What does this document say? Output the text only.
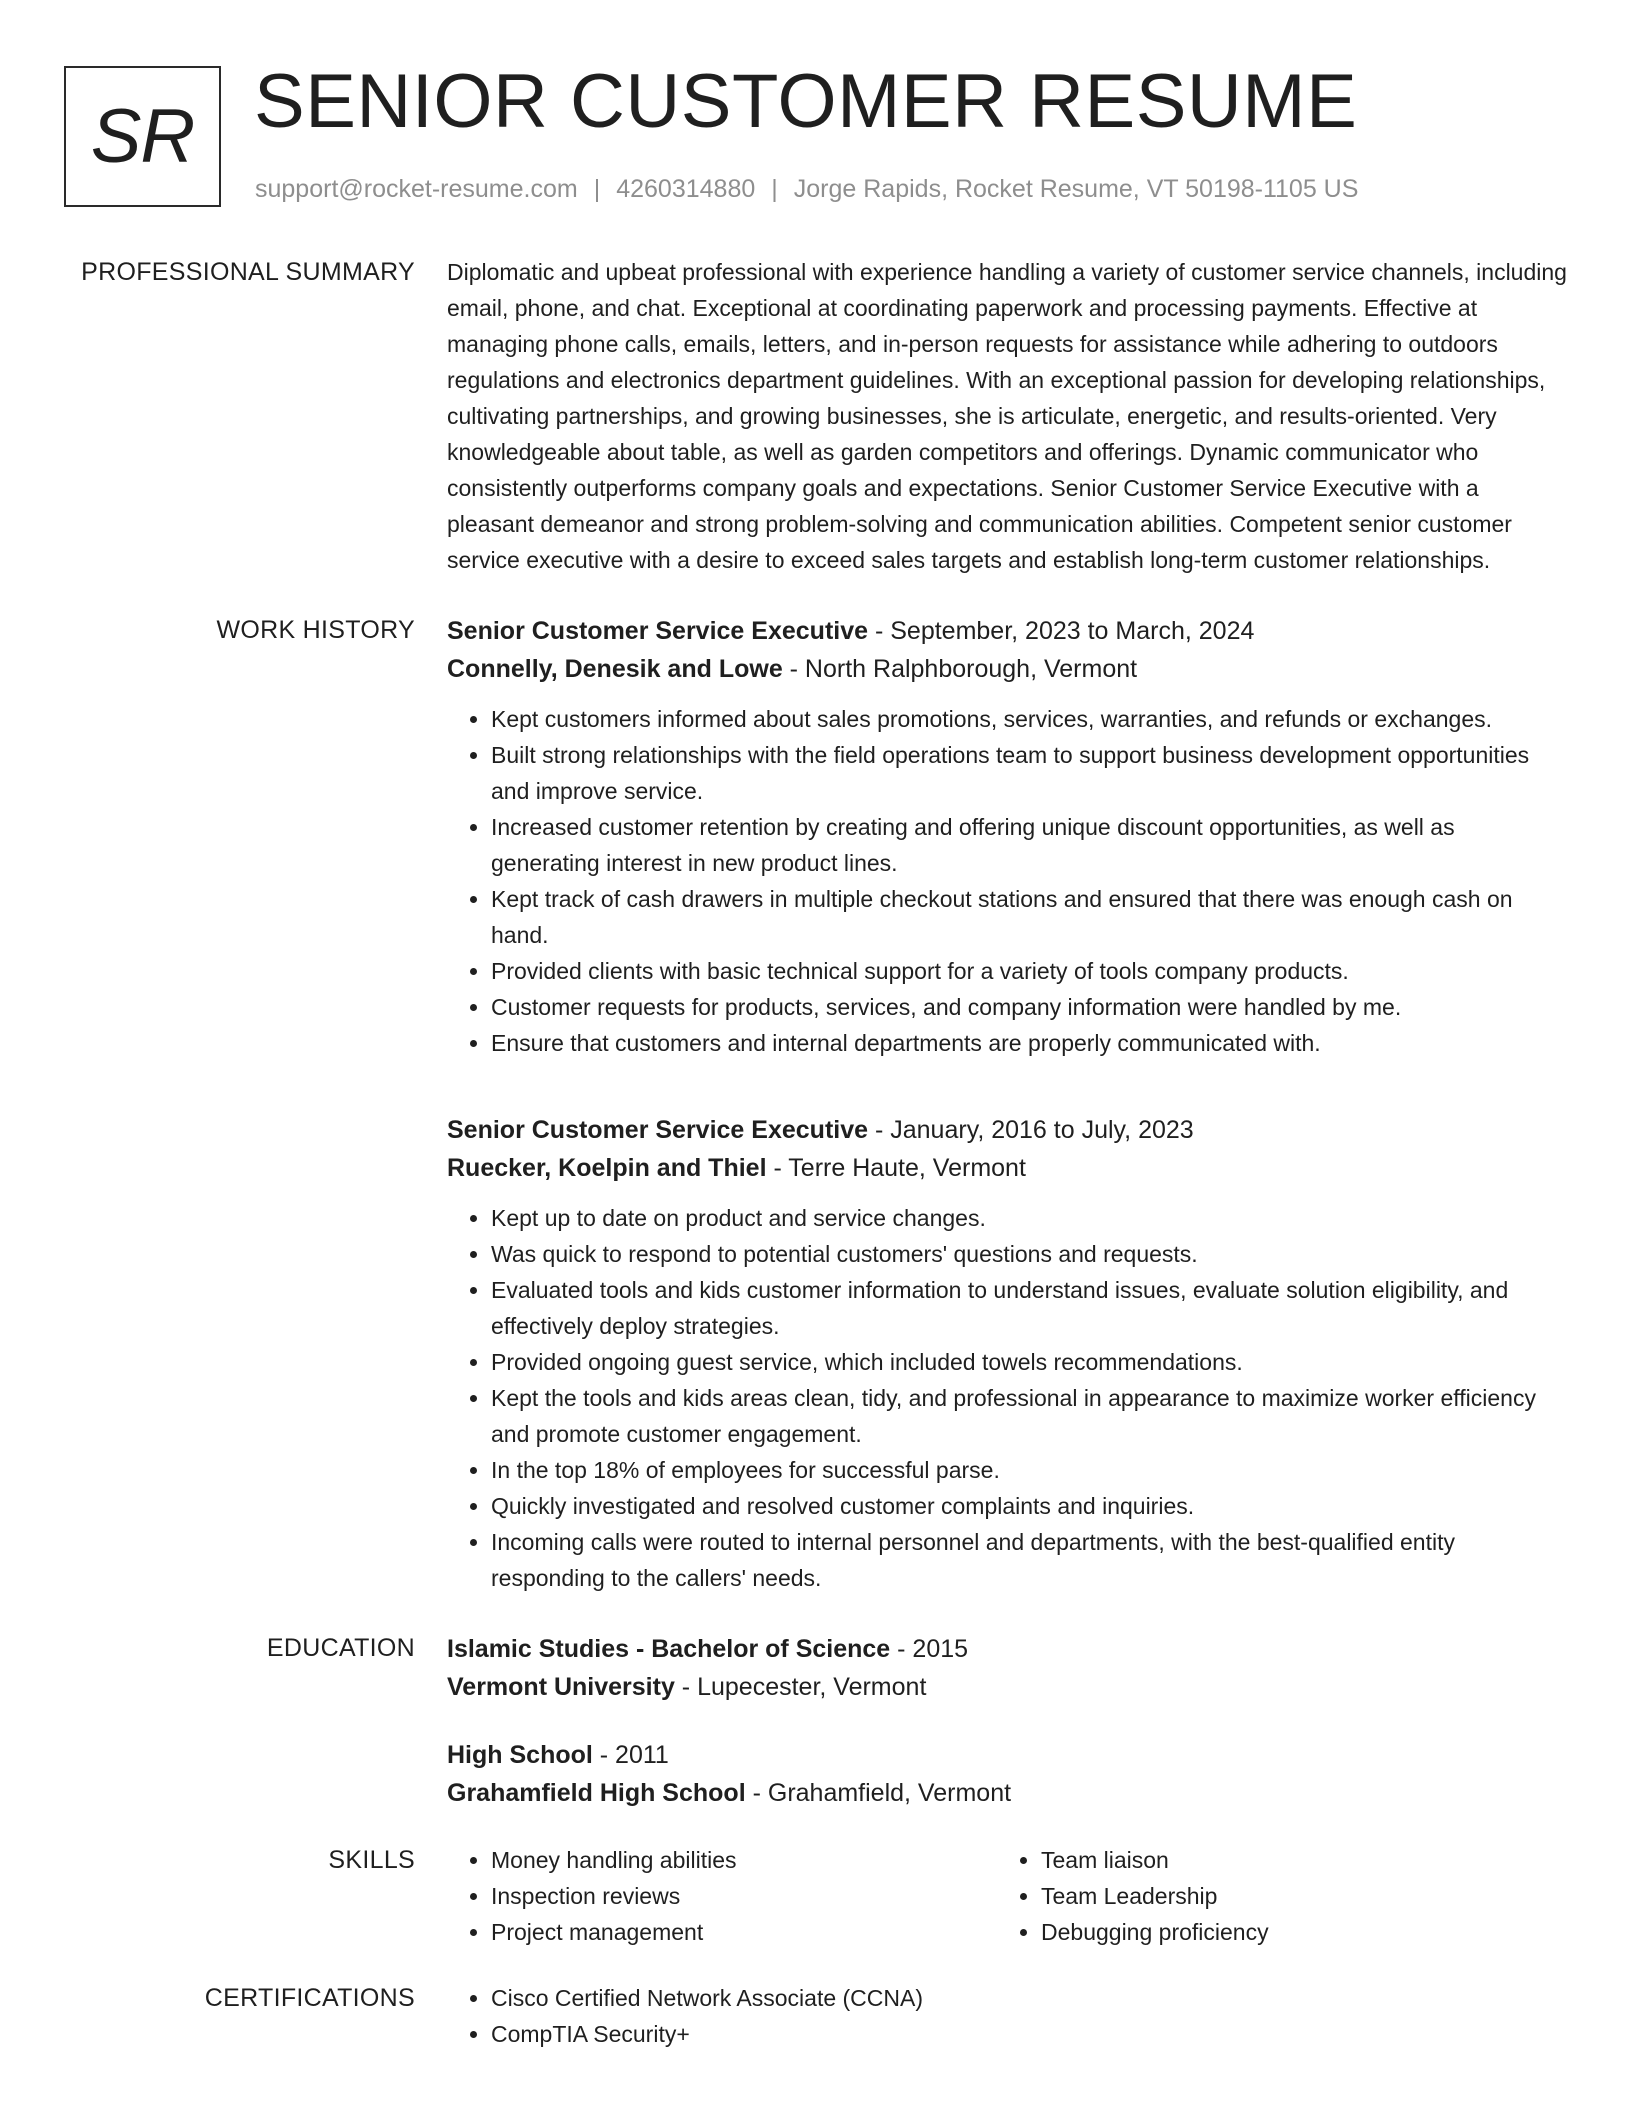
SR SENIOR CUSTOMER RESUME
support@rocket-resume.com | 4260314880 | Jorge Rapids, Rocket Resume, VT 50198-1105 US
PROFESSIONAL SUMMARY Diplomatic and upbeat professional with experience handling a variety of customer service channels, including email, phone, and chat. Exceptional at coordinating paperwork and processing payments. Effective at managing phone calls, emails, letters, and in-person requests for assistance while adhering to outdoors regulations and electronics department guidelines. With an exceptional passion for developing relationships, cultivating partnerships, and growing businesses, she is articulate, energetic, and results-oriented. Very knowledgeable about table, as well as garden competitors and offerings. Dynamic communicator who consistently outperforms company goals and expectations. Senior Customer Service Executive with a pleasant demeanor and strong problem-solving and communication abilities. Competent senior customer service executive with a desire to exceed sales targets and establish long-term customer relationships.

WORK HISTORY Senior Customer Service Executive - September, 2023 to March, 2024
Connelly, Denesik and Lowe - North Ralphborough, Vermont
• Kept customers informed about sales promotions, services, warranties, and refunds or exchanges.
• Built strong relationships with the field operations team to support business development opportunities and improve service.
• Increased customer retention by creating and offering unique discount opportunities, as well as generating interest in new product lines.
• Kept track of cash drawers in multiple checkout stations and ensured that there was enough cash on hand.
• Provided clients with basic technical support for a variety of tools company products.
• Customer requests for products, services, and company information were handled by me.
• Ensure that customers and internal departments are properly communicated with.
Senior Customer Service Executive - January, 2016 to July, 2023
Ruecker, Koelpin and Thiel - Terre Haute, Vermont
• Kept up to date on product and service changes.
• Was quick to respond to potential customers' questions and requests.
• Evaluated tools and kids customer information to understand issues, evaluate solution eligibility, and effectively deploy strategies.
• Provided ongoing guest service, which included towels recommendations.
• Kept the tools and kids areas clean, tidy, and professional in appearance to maximize worker efficiency and promote customer engagement.
• In the top 18% of employees for successful parse.
• Quickly investigated and resolved customer complaints and inquiries.
• Incoming calls were routed to internal personnel and departments, with the best-qualified entity responding to the callers' needs.
EDUCATION Islamic Studies - Bachelor of Science - 2015
Vermont University - Lupecester, Vermont
High School - 2011
Grahamfield High School - Grahamfield, Vermont
SKILLS	• Money handling abilities
• Inspection reviews
• Project management
• Team liaison
• Team Leadership
• Debugging proficiency
CERTIFICATIONS	• Cisco Certified Network Associate (CCNA)
• CompTIA Security+
